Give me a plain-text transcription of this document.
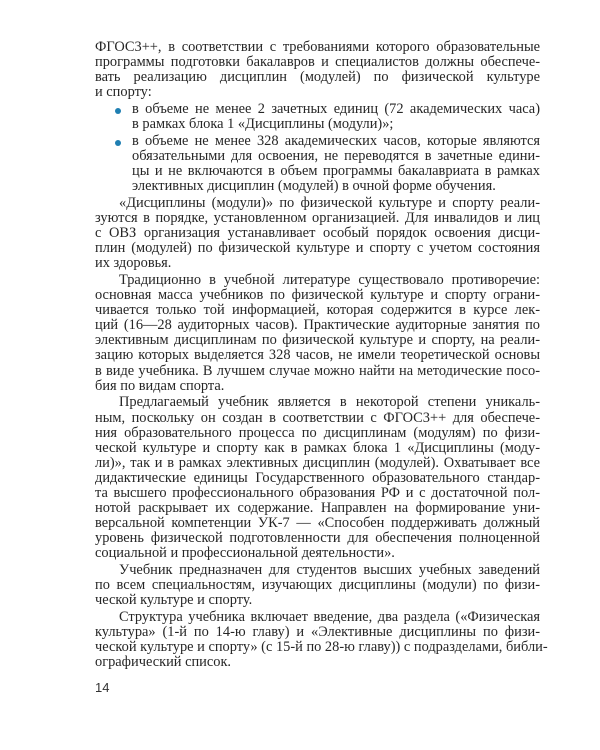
ФГОС3++, в соответствии с требованиями которого образовательные
программы подготовки бакалавров и специалистов должны обеспече-
вать реализацию дисциплин (модулей) по физической культуре
и спорту:
в объеме не менее 2 зачетных единиц (72 академических часа)
в рамках блока 1 «Дисциплины (модули)»;
в объеме не менее 328 академических часов, которые являются
обязательными для освоения, не переводятся в зачетные едини-
цы и не включаются в объем программы бакалавриата в рамках
элективных дисциплин (модулей) в очной форме обучения.
«Дисциплины (модули)» по физической культуре и спорту реали-
зуются в порядке, установленном организацией. Для инвалидов и лиц
с ОВЗ организация устанавливает особый порядок освоения дисци-
плин (модулей) по физической культуре и спорту с учетом состояния
их здоровья.
Традиционно в учебной литературе существовало противоречие:
основная масса учебников по физической культуре и спорту ограни-
чивается только той информацией, которая содержится в курсе лек-
ций (16—28 аудиторных часов). Практические аудиторные занятия по
элективным дисциплинам по физической культуре и спорту, на реали-
зацию которых выделяется 328 часов, не имели теоретической основы
в виде учебника. В лучшем случае можно найти на методические посо-
бия по видам спорта.
Предлагаемый учебник является в некоторой степени уникаль-
ным, поскольку он создан в соответствии с ФГОС3++ для обеспече-
ния образовательного процесса по дисциплинам (модулям) по физи-
ческой культуре и спорту как в рамках блока 1 «Дисциплины (моду-
ли)», так и в рамках элективных дисциплин (модулей). Охватывает все
дидактические единицы Государственного образовательного стандар-
та высшего профессионального образования РФ и с достаточной пол-
нотой раскрывает их содержание. Направлен на формирование уни-
версальной компетенции УК-7 — «Способен поддерживать должный
уровень физической подготовленности для обеспечения полноценной
социальной и профессиональной деятельности».
Учебник предназначен для студентов высших учебных заведений
по всем специальностям, изучающих дисциплины (модули) по физи-
ческой культуре и спорту.
Структура учебника включает введение, два раздела («Физическая
культура» (1-й по 14-ю главу) и «Элективные дисциплины по физи-
ческой культуре и спорту» (с 15-й по 28-ю главу)) с подразделами, библи-
ографический список.
14
